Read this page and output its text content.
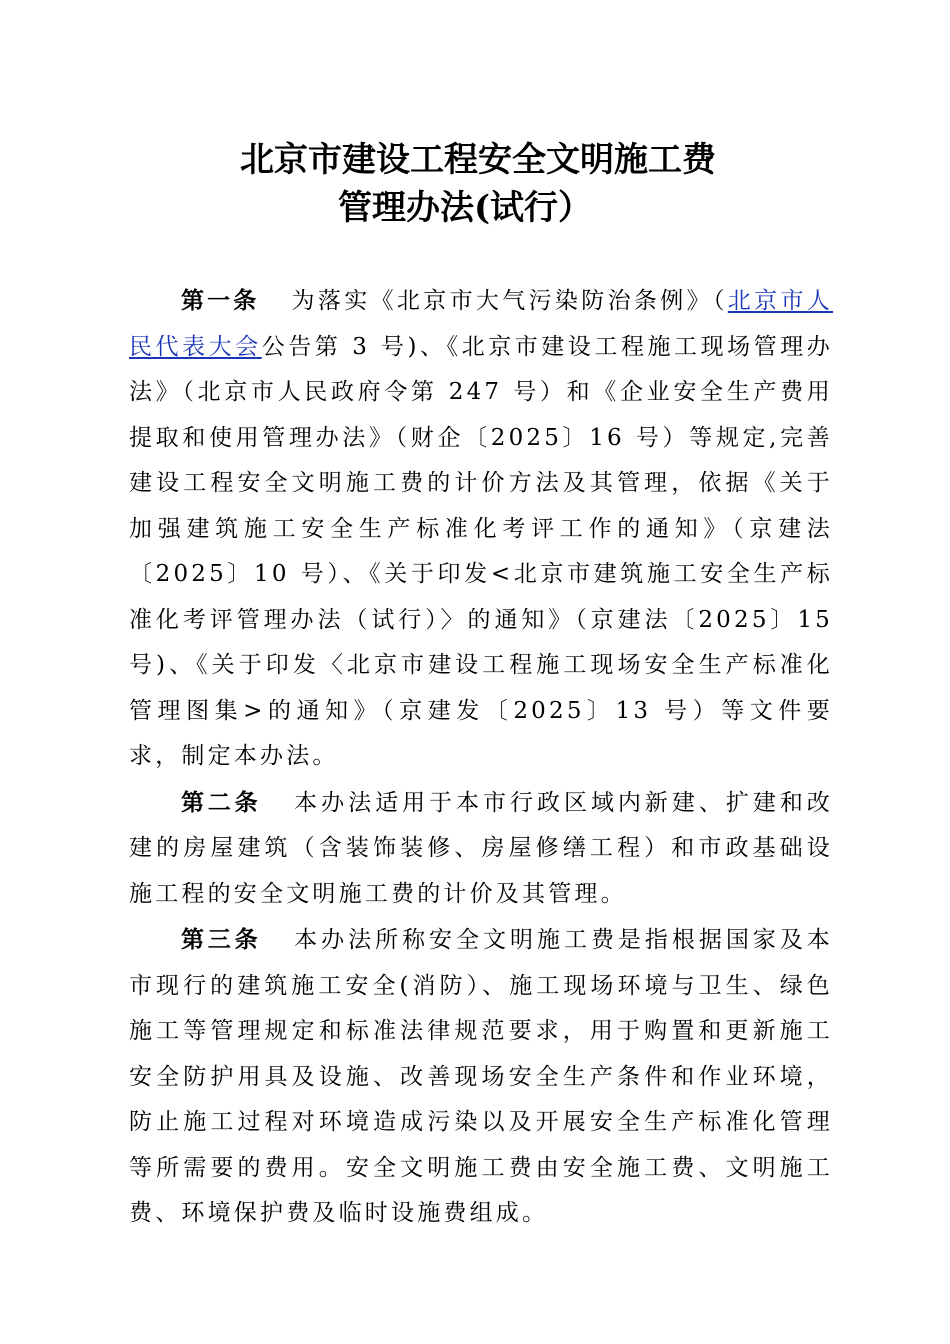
北京市建设工程安全文明施工费
管理办法(试行）

第一条 为落实《北京市大气污染防治条例》（北京市人民代表大会公告第 3 号)、《北京市建设工程施工现场管理办法》（北京市人民政府令第 247 号）和《企业安全生产费用提取和使用管理办法》（财企〔2025〕16 号）等规定,完善建设工程安全文明施工费的计价方法及其管理，依据《关于加强建筑施工安全生产标准化考评工作的通知》（京建法〔2025〕10 号）、《关于印发<北京市建筑施工安全生产标准化考评管理办法（试行）〉的通知》（京建法〔2025〕15 号)、《关于印发〈北京市建设工程施工现场安全生产标准化管理图集>的通知》（京建发〔2025〕13 号）等文件要求，制定本办法。

第二条 本办法适用于本市行政区域内新建、扩建和改建的房屋建筑（含装饰装修、房屋修缮工程）和市政基础设施工程的安全文明施工费的计价及其管理。

第三条 本办法所称安全文明施工费是指根据国家及本市现行的建筑施工安全(消防）、施工现场环境与卫生、绿色施工等管理规定和标准法律规范要求，用于购置和更新施工安全防护用具及设施、改善现场安全生产条件和作业环境，防止施工过程对环境造成污染以及开展安全生产标准化管理等所需要的费用。安全文明施工费由安全施工费、文明施工费、环境保护费及临时设施费组成。
